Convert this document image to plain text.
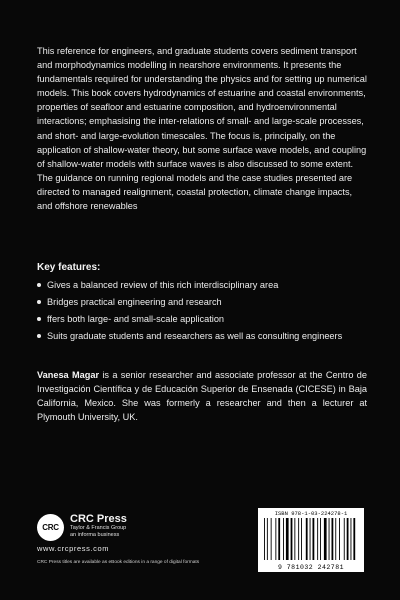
This reference for engineers, and graduate students covers sediment transport and morphodynamics modelling in nearshore environments. It presents the fundamentals required for understanding the physics and for setting up numerical models. This book covers hydrodynamics of estuarine and coastal environments, properties of seafloor and estuarine composition, and hydroenvironmental interactions; emphasising the inter-relations of small- and large-scale processes, and short- and large-evolution timescales. The focus is, principally, on the application of shallow-water theory, but some surface wave models, and coupling of shallow-water models with surface waves is also discussed to some extent. The guidance on running regional models and the case studies presented are directed to managed realignment, coastal protection, climate change impacts, and offshore renewables

Key features:

Gives a balanced review of this rich interdisciplinary area
Bridges practical engineering and research
ffers both large- and small-scale application
Suits graduate students and researchers as well as consulting engineers

Vanesa Magar is a senior researcher and associate professor at the Centro de Investigación Científica y de Educación Superior de Ensenada (CICESE) in Baja California, Mexico. She was formerly a researcher and then a lecturer at Plymouth University, UK.

CRC

CRC Press

Taylor & Francis Group

an informa business

www.crcpress.com

CRC Press titles are available as eBook editions in a range of digital formats

ISBN 978-1-03-224278-1

9 781032 242781
